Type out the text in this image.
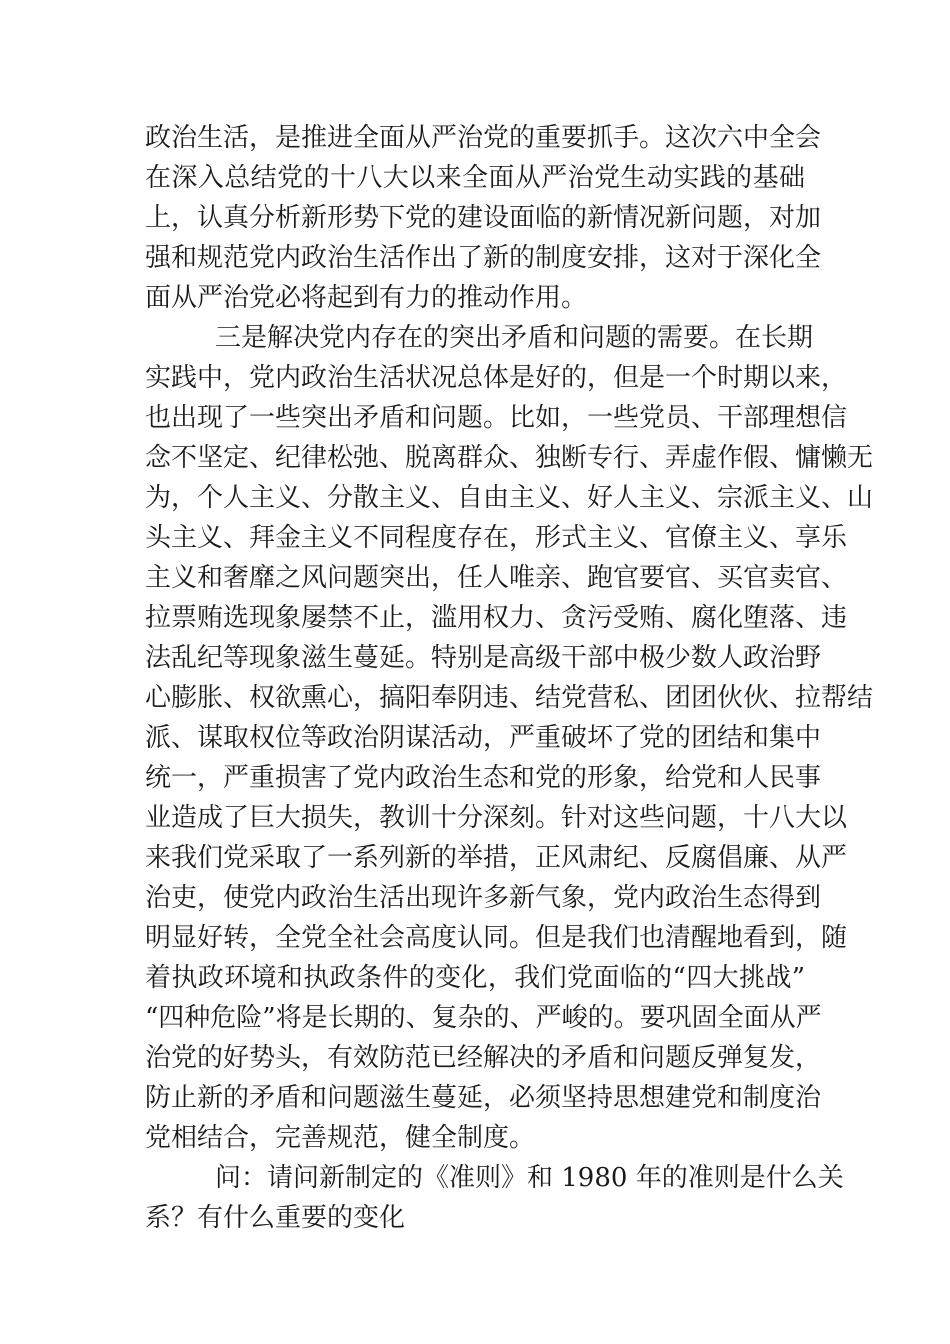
政治生活，是推进全面从严治党的重要抓手。这次六中全会
在深入总结党的十八大以来全面从严治党生动实践的基础
上，认真分析新形势下党的建设面临的新情况新问题，对加
强和规范党内政治生活作出了新的制度安排，这对于深化全
面从严治党必将起到有力的推动作用。
三是解决党内存在的突出矛盾和问题的需要。在长期
实践中，党内政治生活状况总体是好的，但是一个时期以来，
也出现了一些突出矛盾和问题。比如，一些党员、干部理想信
念不坚定、纪律松弛、脱离群众、独断专行、弄虚作假、慵懒无
为，个人主义、分散主义、自由主义、好人主义、宗派主义、山
头主义、拜金主义不同程度存在，形式主义、官僚主义、享乐
主义和奢靡之风问题突出，任人唯亲、跑官要官、买官卖官、
拉票贿选现象屡禁不止，滥用权力、贪污受贿、腐化堕落、违
法乱纪等现象滋生蔓延。特别是高级干部中极少数人政治野
心膨胀、权欲熏心，搞阳奉阴违、结党营私、团团伙伙、拉帮结
派、谋取权位等政治阴谋活动，严重破坏了党的团结和集中
统一，严重损害了党内政治生态和党的形象，给党和人民事
业造成了巨大损失，教训十分深刻。针对这些问题，十八大以
来我们党采取了一系列新的举措，正风肃纪、反腐倡廉、从严
治吏，使党内政治生活出现许多新气象，党内政治生态得到
明显好转，全党全社会高度认同。但是我们也清醒地看到，随
着执政环境和执政条件的变化，我们党面临的“四大挑战”
“四种危险”将是长期的、复杂的、严峻的。要巩固全面从严
治党的好势头，有效防范已经解决的矛盾和问题反弹复发，
防止新的矛盾和问题滋生蔓延，必须坚持思想建党和制度治
党相结合，完善规范，健全制度。
问：请问新制定的《准则》和 1980 年的准则是什么关
系？有什么重要的变化
